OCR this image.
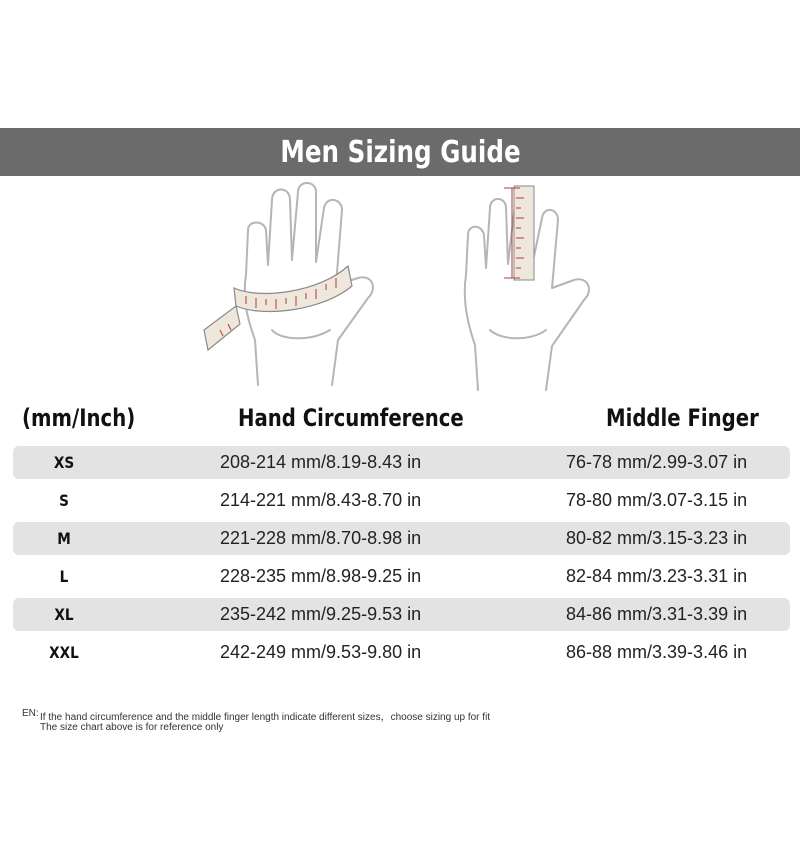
Men Sizing Guide
(mm/Inch)	Hand Circumference	Middle Finger
XS	208-214 mm/8.19-8.43 in	76-78 mm/2.99-3.07 in
S	214-221 mm/8.43-8.70 in	78-80 mm/3.07-3.15 in
M	221-228 mm/8.70-8.98 in	80-82 mm/3.15-3.23 in
L	228-235 mm/8.98-9.25 in	82-84 mm/3.23-3.31 in
XL	235-242 mm/9.25-9.53 in	84-86 mm/3.31-3.39 in
XXL	242-249 mm/9.53-9.80 in	86-88 mm/3.39-3.46 in
EN: If the hand circumference and the middle finger length indicate different sizes，choose sizing up for fit
The size chart above is for reference only
